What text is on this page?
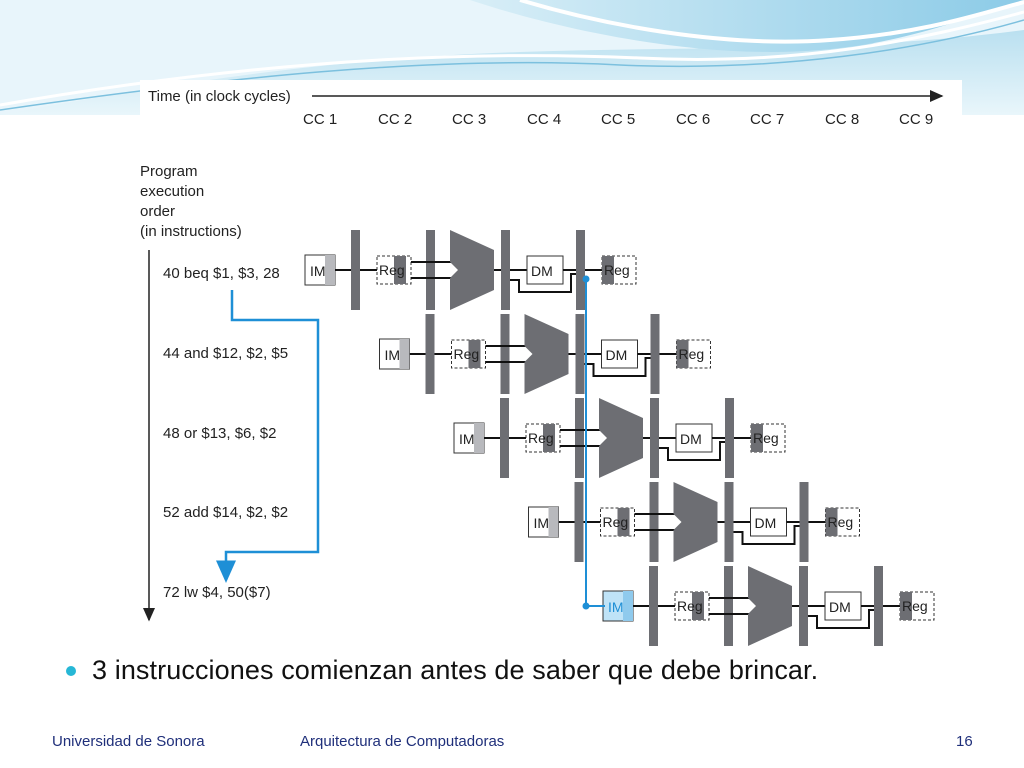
Time (in clock cycles)
CC 1	CC 2	CC 3	CC 4	CC 5	CC 6	CC 7	CC 8	CC 9
Program
execution
order
(in instructions)
40 beq $1, $3, 28
44 and $12, $2, $5
48 or $13, $6, $2
52 add $14, $2, $2
72 lw $4, 50($7)
IM	Reg	DM	Reg
IM	Reg	DM	Reg
IM	Reg	DM	Reg
IM	Reg	DM	Reg
IM	Reg	DM	Reg
3 instrucciones comienzan antes de saber que debe brincar.
Universidad de Sonora	Arquitectura de Computadoras	16
